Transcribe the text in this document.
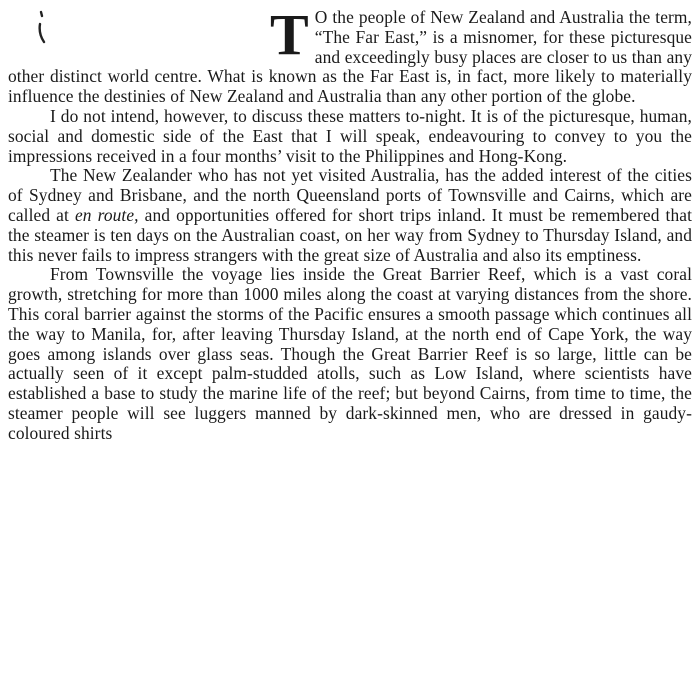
T O the people of New Zealand and Australia the term, “The Far East,” is a misnomer, for these picturesque and exceedingly busy places are closer to us than any other distinct world centre. What is known as the Far East is, in fact, more likely to materially influence the destinies of New Zealand and Australia than any other portion of the globe.

I do not intend, however, to discuss these matters to-night. It is of the picturesque, human, social and domestic side of the East that I will speak, endeavouring to convey to you the impressions received in a four months’ visit to the Philippines and Hong-Kong.

The New Zealander who has not yet visited Australia, has the added interest of the cities of Sydney and Brisbane, and the north Queensland ports of Townsville and Cairns, which are called at en route, and opportunities offered for short trips inland. It must be remembered that the steamer is ten days on the Australian coast, on her way from Sydney to Thursday Island, and this never fails to impress strangers with the great size of Australia and also its emptiness.

From Townsville the voyage lies inside the Great Barrier Reef, which is a vast coral growth, stretching for more than 1000 miles along the coast at varying distances from the shore. This coral barrier against the storms of the Pacific ensures a smooth passage which continues all the way to Manila, for, after leaving Thursday Island, at the north end of Cape York, the way goes among islands over glass seas. Though the Great Barrier Reef is so large, little can be actually seen of it except palm-studded atolls, such as Low Island, where scientists have established a base to study the marine life of the reef; but beyond Cairns, from time to time, the steamer people will see luggers manned by dark-skinned men, who are dressed in gaudy-coloured shirts
